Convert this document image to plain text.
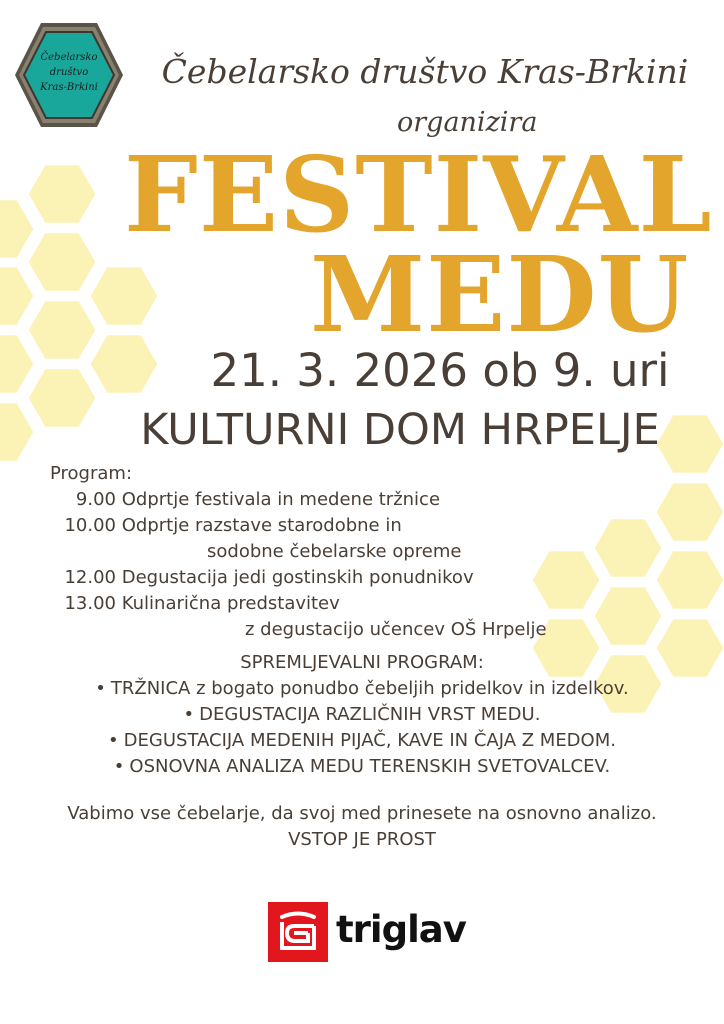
Čebelarsko
društvo
Kras-Brkini	Čebelarsko društvo Kras-Brkini
organizira
FESTIVAL
MEDU
21. 3. 2026 ob 9. uri
KULTURNI DOM HRPELJE
Program:
9.00 Odprtje festivala in medene tržnice
10.00 Odprtje razstave starodobne in
sodobne čebelarske opreme
12.00 Degustacija jedi gostinskih ponudnikov
13.00 Kulinarična predstavitev
z degustacijo učencev OŠ Hrpelje
SPREMLJEVALNI PROGRAM:
• TRŽNICA z bogato ponudbo čebeljih pridelkov in izdelkov.
• DEGUSTACIJA RAZLIČNIH VRST MEDU.
• DEGUSTACIJA MEDENIH PIJAČ, KAVE IN ČAJA Z MEDOM.
• OSNOVNA ANALIZA MEDU TERENSKIH SVETOVALCEV.
Vabimo vse čebelarje, da svoj med prinesete na osnovno analizo.
VSTOP JE PROST
triglav
